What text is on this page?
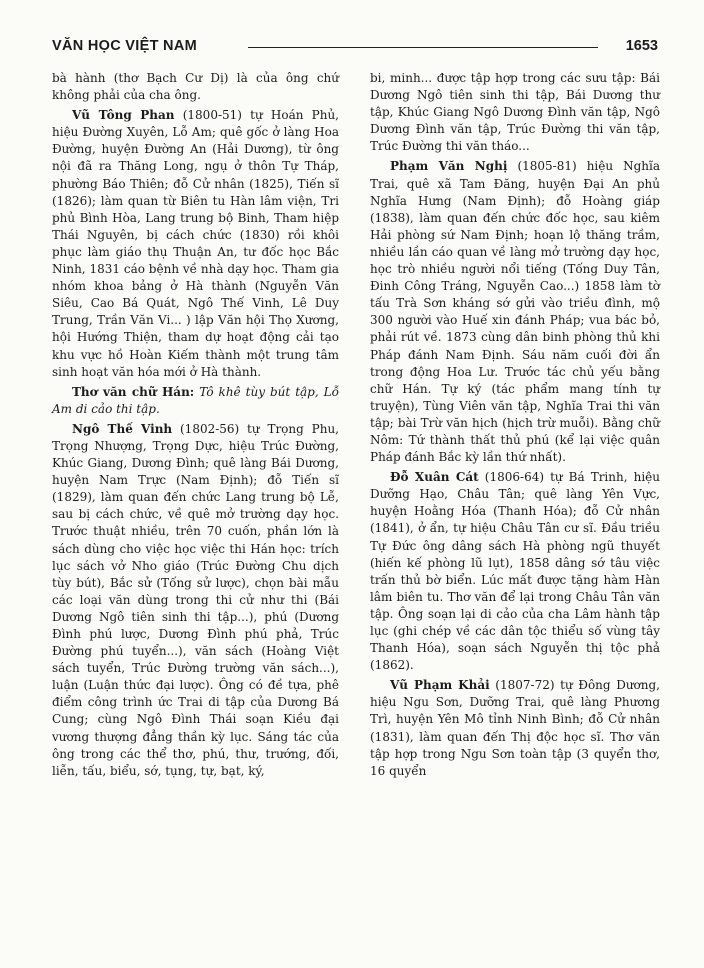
VĂN HỌC VIỆT NAM	1653

bà hành (thơ Bạch Cư Dị) là của ông chứ không phải của cha ông.

Vũ Tông Phan (1800-51) tự Hoán Phủ, hiệu Đường Xuyên, Lỗ Am; quê gốc ở làng Hoa Đường, huyện Đường An (Hải Dương), từ ông nội đã ra Thăng Long, ngụ ở thôn Tự Tháp, phường Báo Thiên; đỗ Cử nhân (1825), Tiến sĩ (1826); làm quan từ Biên tu Hàn lâm viện, Tri phủ Bình Hòa, Lang trung bộ Binh, Tham hiệp Thái Nguyên, bị cách chức (1830) rồi khôi phục làm giáo thụ Thuận An, tư đốc học Bắc Ninh, 1831 cáo bệnh về nhà dạy học. Tham gia nhóm khoa bảng ở Hà thành (Nguyễn Văn Siêu, Cao Bá Quát, Ngô Thế Vinh, Lê Duy Trung, Trần Văn Vi... ) lập Văn hội Thọ Xương, hội Hướng Thiện, tham dự hoạt động cải tạo khu vực hồ Hoàn Kiếm thành một trung tâm sinh hoạt văn hóa mới ở Hà thành.

Thơ văn chữ Hán: Tô khê tùy bút tập, Lỗ Am di cảo thi tập.

Ngô Thế Vinh (1802-56) tự Trọng Phu, Trọng Nhượng, Trọng Dực, hiệu Trúc Đường, Khúc Giang, Dương Đình; quê làng Bái Dương, huyện Nam Trực (Nam Định); đỗ Tiến sĩ (1829), làm quan đến chức Lang trung bộ Lễ, sau bị cách chức, về quê mở trường dạy học. Trước thuật nhiều, trên 70 cuốn, phần lớn là sách dùng cho việc học việc thi Hán học: trích lục sách vở Nho giáo (Trúc Đường Chu dịch tùy bút), Bắc sử (Tống sử lược), chọn bài mẫu các loại văn dùng trong thi cử như thi (Bái Dương Ngô tiên sinh thi tập...), phú (Dương Đình phú lược, Dương Đình phú phả, Trúc Đường phú tuyển...), văn sách (Hoàng Việt sách tuyển, Trúc Đường trường văn sách...), luận (Luận thức đại lược). Ông có đề tựa, phê điểm công trình ức Trai di tập của Dương Bá Cung; cùng Ngô Đình Thái soạn Kiều đại vương thượng đẳng thần kỳ lục. Sáng tác của ông trong các thể thơ, phú, thư, trướng, đối, liễn, tấu, biểu, sớ, tụng, tự, bạt, ký,

bi, minh... được tập hợp trong các sưu tập: Bái Dương Ngô tiên sinh thi tập, Bái Dương thư tập, Khúc Giang Ngô Dương Đình văn tập, Ngô Dương Đình văn tập, Trúc Đường thi văn tập, Trúc Đường thi văn tháo...

Phạm Văn Nghị (1805-81) hiệu Nghĩa Trai, quê xã Tam Đăng, huyện Đại An phủ Nghĩa Hưng (Nam Định); đỗ Hoàng giáp (1838), làm quan đến chức đốc học, sau kiêm Hải phòng sứ Nam Định; hoạn lộ thăng trầm, nhiều lần cáo quan về làng mở trường dạy học, học trò nhiều người nổi tiếng (Tống Duy Tân, Đinh Công Tráng, Nguyễn Cao...) 1858 làm tờ tấu Trà Sơn kháng sớ gửi vào triều đình, mộ 300 người vào Huế xin đánh Pháp; vua bác bỏ, phải rút về. 1873 cùng dân binh phòng thủ khi Pháp đánh Nam Định. Sáu năm cuối đời ẩn trong động Hoa Lư. Trước tác chủ yếu bằng chữ Hán. Tự ký (tác phẩm mang tính tự truyện), Tùng Viên văn tập, Nghĩa Trai thi văn tập; bài Trừ văn hịch (hịch trừ muỗi). Bằng chữ Nôm: Tứ thành thất thủ phú (kể lại việc quân Pháp đánh Bắc kỳ lần thứ nhất).

Đỗ Xuân Cát (1806-64) tự Bá Trinh, hiệu Dưỡng Hạo, Châu Tân; quê làng Yên Vực, huyện Hoằng Hóa (Thanh Hóa); đỗ Cử nhân (1841), ở ẩn, tự hiệu Châu Tân cư sĩ. Đầu triều Tự Đức ông dâng sách Hà phòng ngũ thuyết (hiến kế phòng lũ lụt), 1858 dâng sớ tâu việc trấn thủ bờ biển. Lúc mất được tặng hàm Hàn lâm biên tu. Thơ văn để lại trong Châu Tân văn tập. Ông soạn lại di cảo của cha Lâm hành tập lục (ghi chép về các dân tộc thiểu số vùng tây Thanh Hóa), soạn sách Nguyễn thị tộc phả (1862).

Vũ Phạm Khải (1807-72) tự Đông Dương, hiệu Ngu Sơn, Dưỡng Trai, quê làng Phương Trì, huyện Yên Mô tỉnh Ninh Bình; đỗ Cử nhân (1831), làm quan đến Thị độc học sĩ. Thơ văn tập hợp trong Ngu Sơn toàn tập (3 quyển thơ, 16 quyển
